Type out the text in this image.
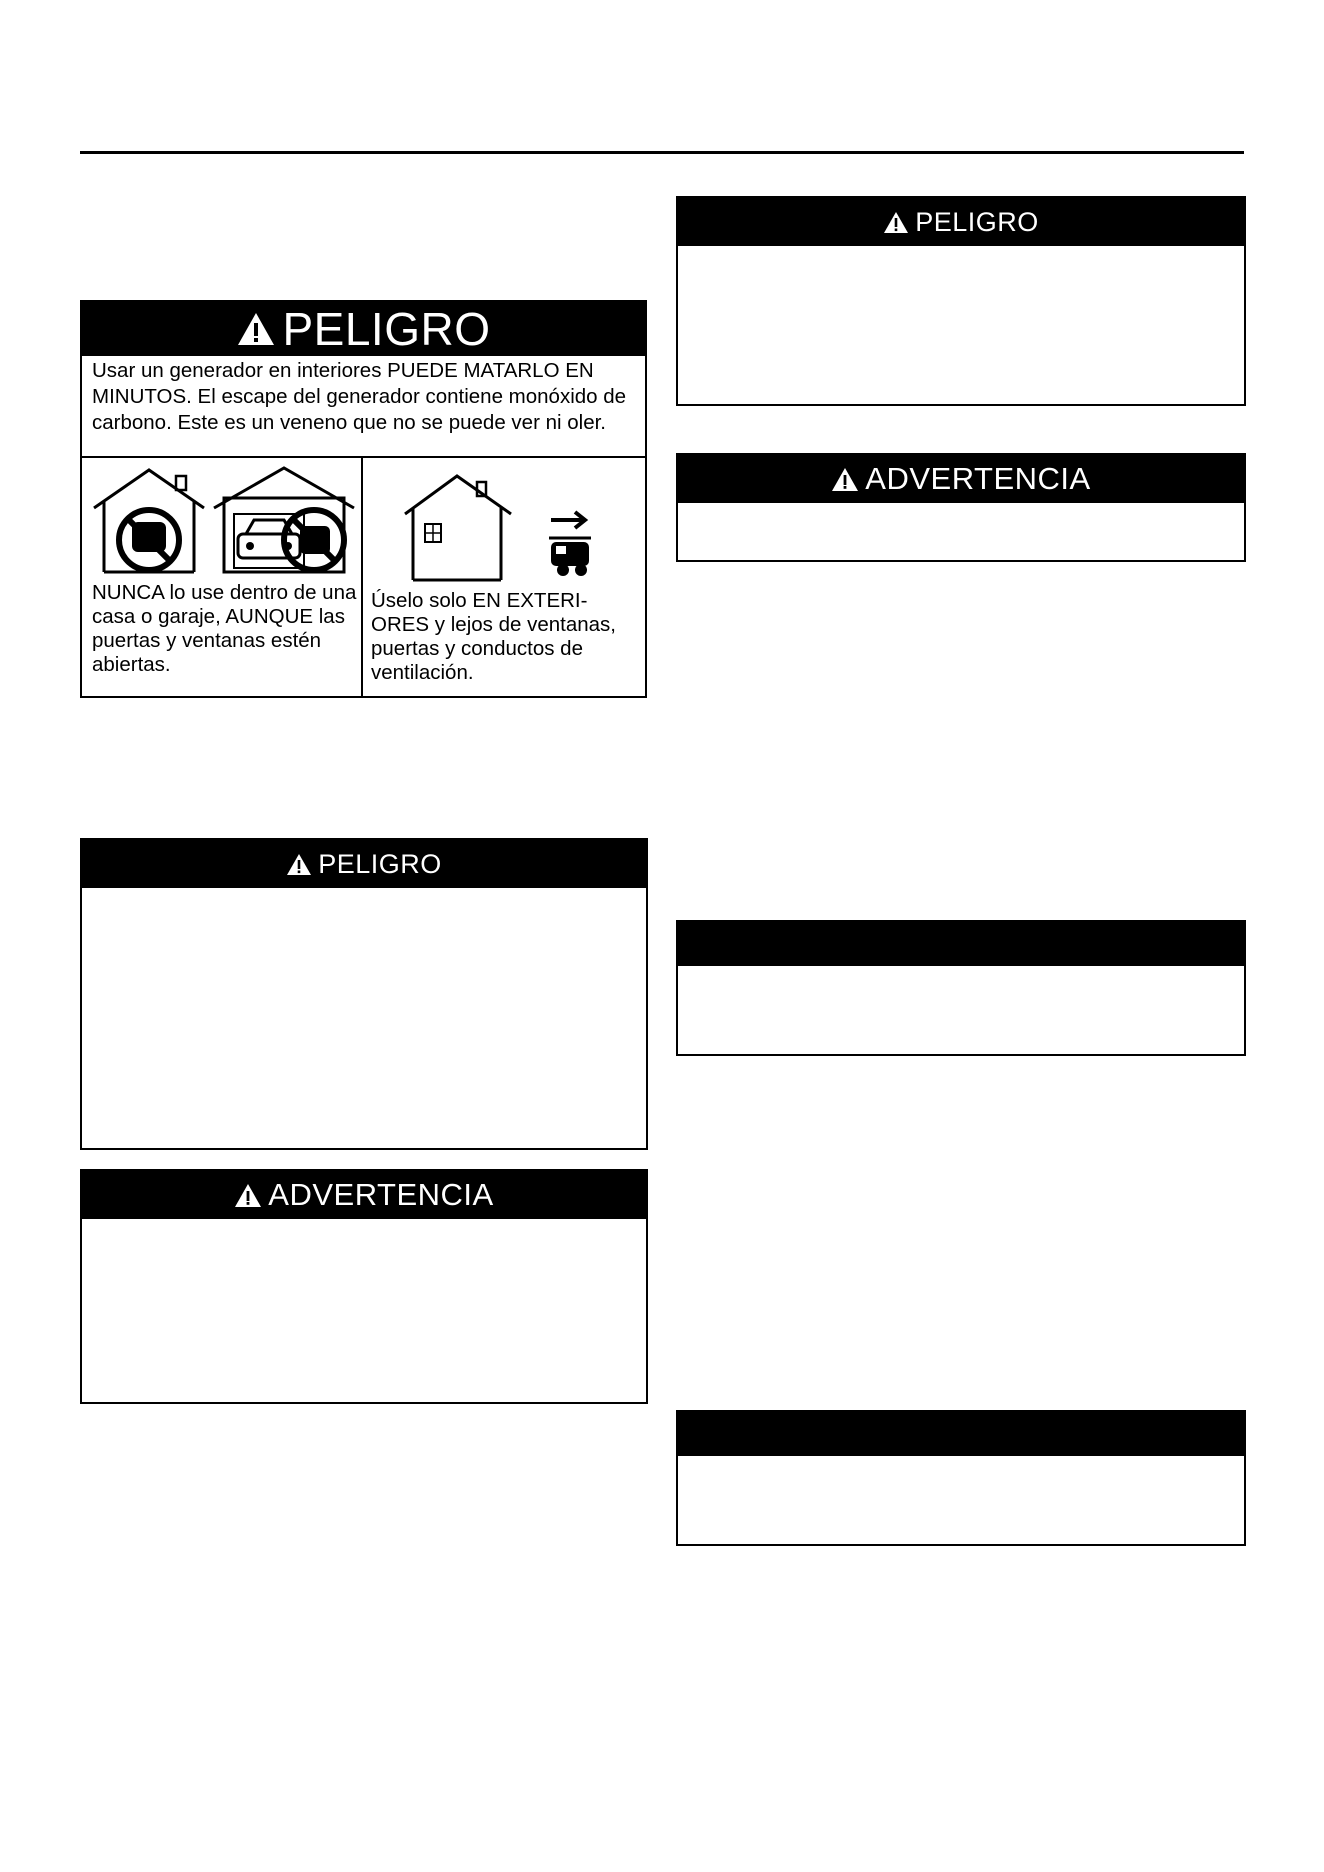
PELIGRO
Usar un generador en interiores PUEDE MATARLO EN MINUTOS. El escape del generador contiene monóxido de carbono. Este es un veneno que no se puede ver ni oler.
NUNCA lo use dentro de una casa o garaje, AUNQUE las puertas y ventanas estén abiertas.
Úselo solo EN EXTERI- ORES y lejos de ventanas, puertas y conductos de ventilación.
PELIGRO
ADVERTENCIA
PELIGRO
ADVERTENCIA
